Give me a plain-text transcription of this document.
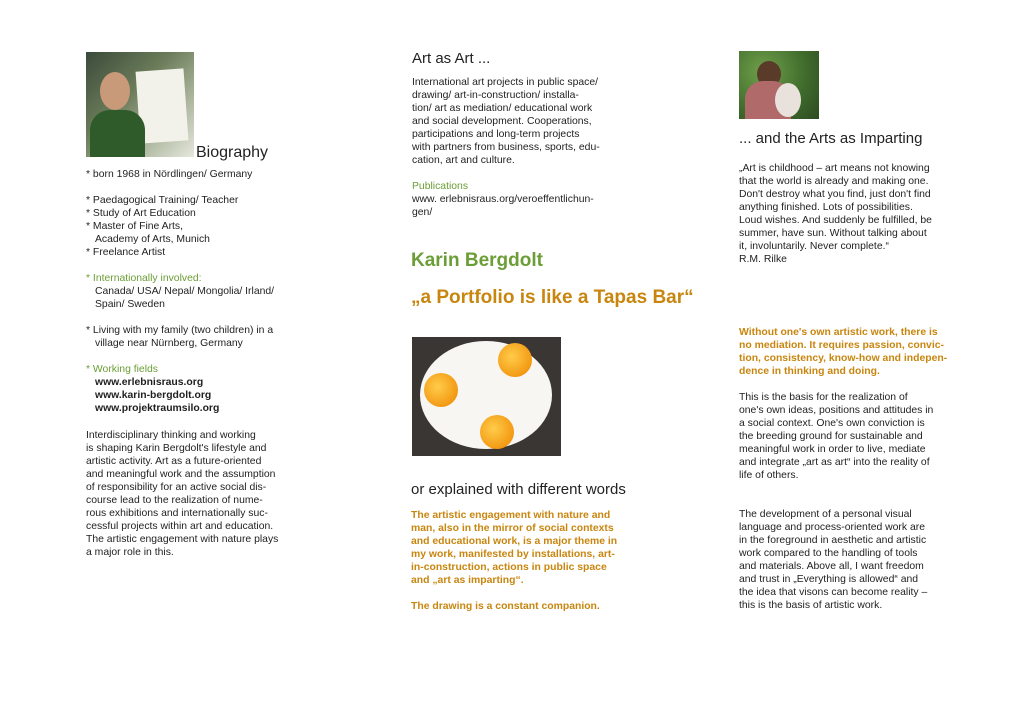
Biography

* born 1968 in Nördlingen/ Germany
* Paedagogical Training/ Teacher
* Study of Art Education
* Master of Fine Arts,
Academy of Arts, Munich
* Freelance Artist

* Internationally involved:

Canada/ USA/ Nepal/ Mongolia/ Irland/

Spain/ Sweden

* Living with my family (two children) in a

village near Nürnberg, Germany

* Working fields

www.erlebnisraus.org
www.karin-bergdolt.org
www.projektraumsilo.org

Interdisciplinary thinking and working

is shaping Karin Bergdolt's lifestyle and

artistic activity. Art as a future-oriented

and meaningful work and the assumption

of responsibility for an active social dis-

course lead to the realization of nume-

rous exhibitions and internationally suc-

cessful projects within art and education.

The artistic engagement with nature plays

a major role in this.

Art as Art ...

International art projects in public space/

drawing/ art-in-construction/ installa-

tion/ art as mediation/ educational work

and social development. Cooperations,

participations and long-term projects

with partners from business, sports, edu-

cation, art and culture.

Publications

www. erlebnisraus.org/veroeffentlichun-

gen/

Karin Bergdolt

„a Portfolio is like a Tapas Bar“

or explained with different words

The artistic engagement with nature and

man, also in the mirror of social contexts

and educational work, is a major theme in

my work, manifested by installations, art-

in-construction, actions in public space

and „art as imparting“.

The drawing is a constant companion.

... and the Arts as Imparting

„Art is childhood – art means not knowing

that the world is already and making one.

Don't destroy what you find, just don't find

anything finished. Lots of possibilities.

Loud wishes. And suddenly be fulfilled, be

summer, have sun. Without talking about

it, involuntarily. Never complete.“

R.M. Rilke

Without one's own artistic work, there is

no mediation. It requires passion, convic-

tion, consistency, know-how and indepen-

dence in thinking and doing.

This is the basis for the realization of

one's own ideas, positions and attitudes in

a social context. One's own conviction is

the breeding ground for sustainable and

meaningful work in order to live, mediate

and integrate „art as art“ into the reality of

life of others.

The development of a personal visual

language and process-oriented work are

in the foreground in aesthetic and artistic

work compared to the handling of tools

and materials. Above all, I want freedom

and trust in „Everything is allowed“ and

the idea that visons can become reality –

this is the basis of artistic work.
